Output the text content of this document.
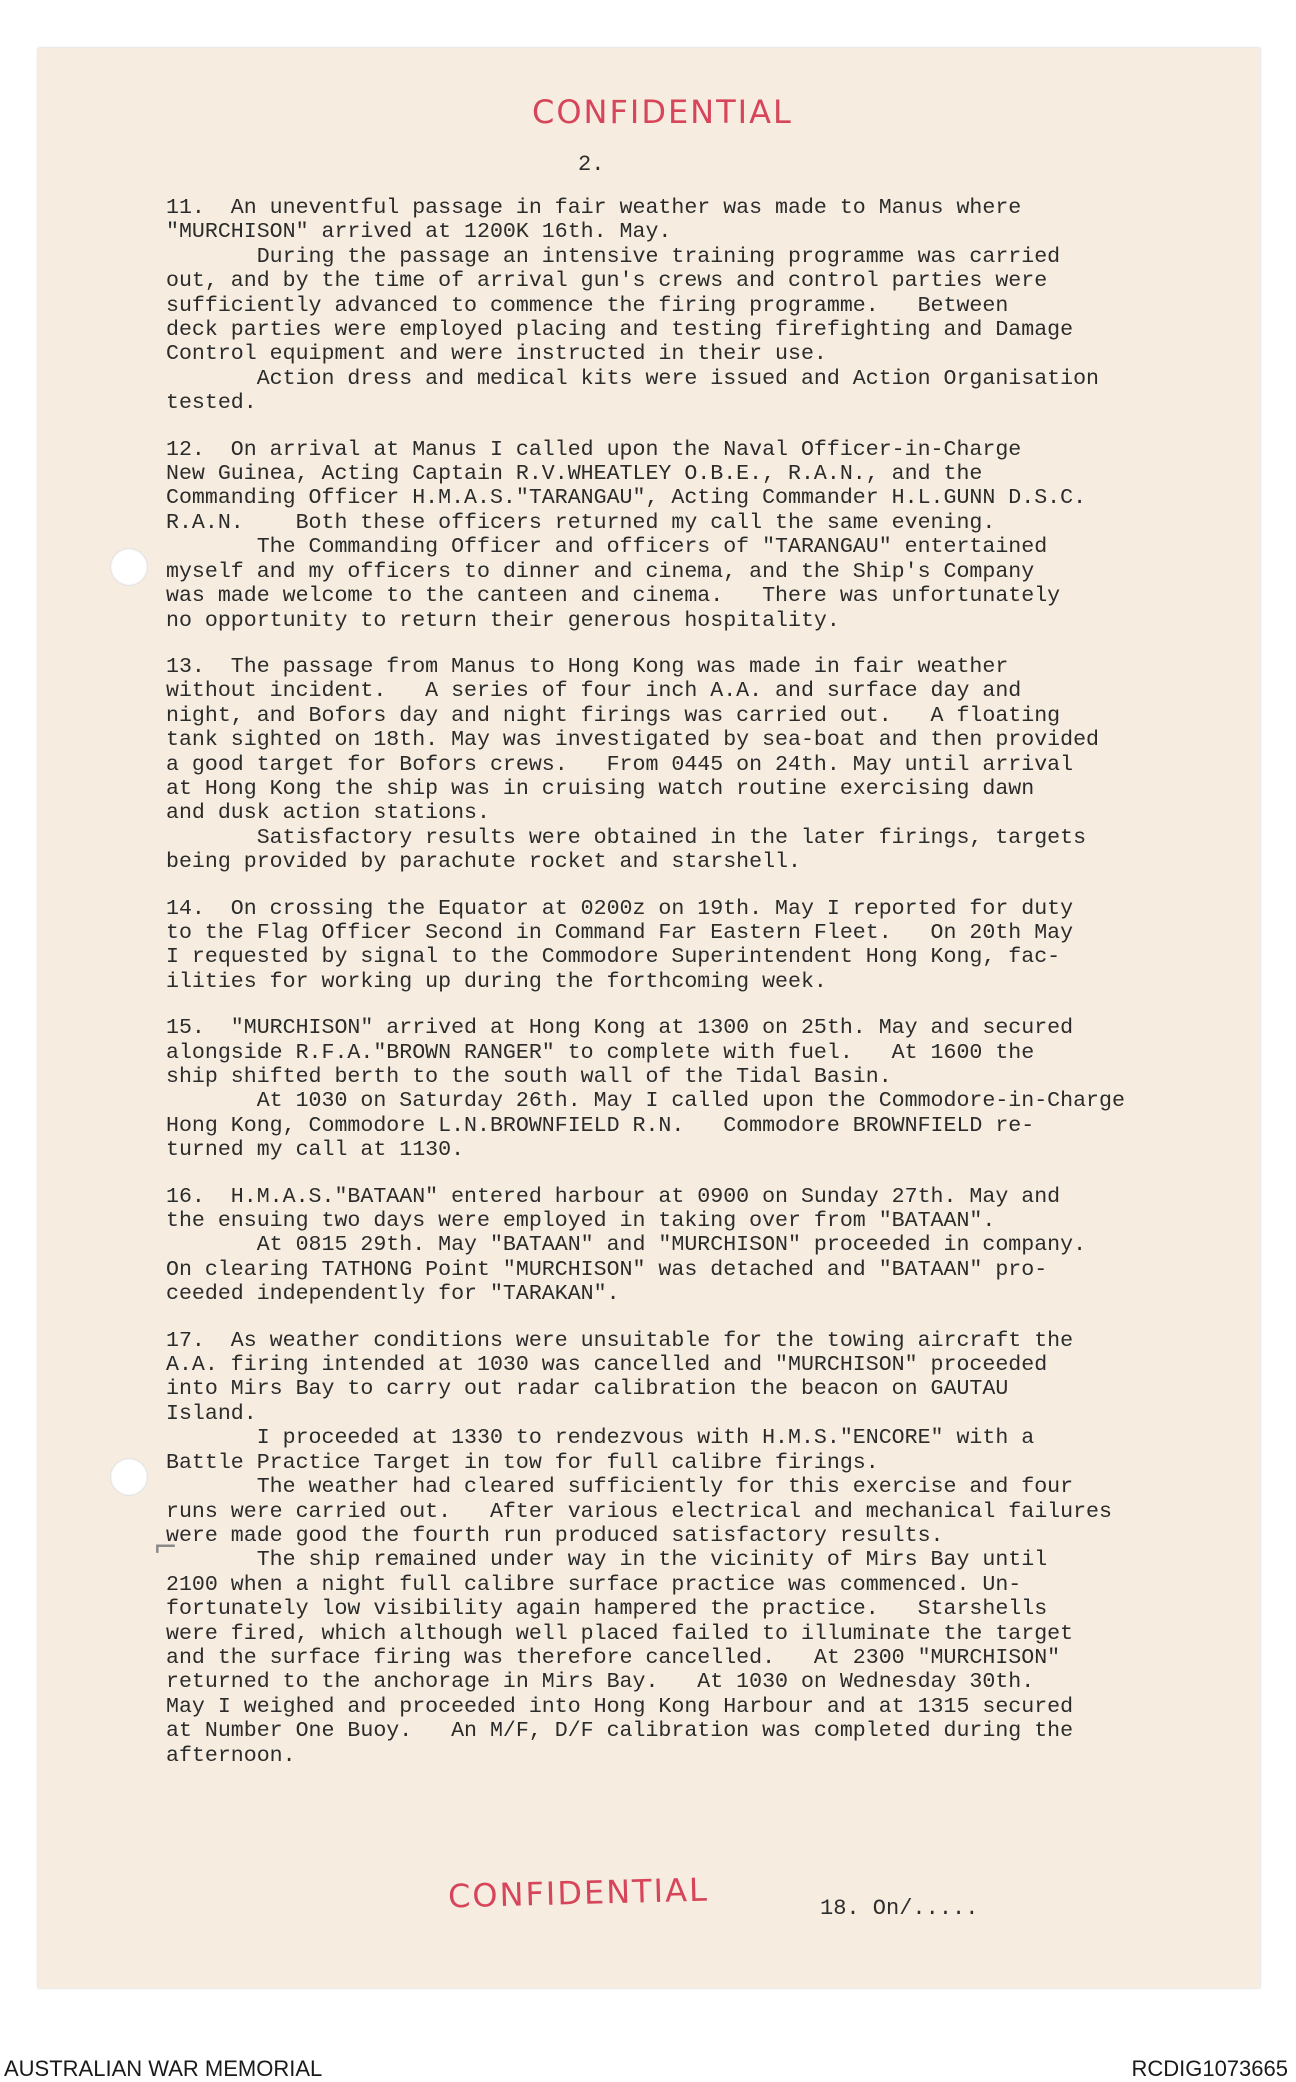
CONFIDENTIAL
2.
11.  An uneventful passage in fair weather was made to Manus where
"MURCHISON" arrived at 1200K 16th. May.
During the passage an intensive training programme was carried
out, and by the time of arrival gun's crews and control parties were
sufficiently advanced to commence the firing programme.   Between
deck parties were employed placing and testing firefighting and Damage
Control equipment and were instructed in their use.
Action dress and medical kits were issued and Action Organisation
tested.
12.  On arrival at Manus I called upon the Naval Officer-in-Charge
New Guinea, Acting Captain R.V.WHEATLEY O.B.E., R.A.N., and the
Commanding Officer H.M.A.S."TARANGAU", Acting Commander H.L.GUNN D.S.C.
R.A.N.    Both these officers returned my call the same evening.
The Commanding Officer and officers of "TARANGAU" entertained
myself and my officers to dinner and cinema, and the Ship's Company
was made welcome to the canteen and cinema.   There was unfortunately
no opportunity to return their generous hospitality.
13.  The passage from Manus to Hong Kong was made in fair weather
without incident.   A series of four inch A.A. and surface day and
night, and Bofors day and night firings was carried out.   A floating
tank sighted on 18th. May was investigated by sea-boat and then provided
a good target for Bofors crews.   From 0445 on 24th. May until arrival
at Hong Kong the ship was in cruising watch routine exercising dawn
and dusk action stations.
Satisfactory results were obtained in the later firings, targets
being provided by parachute rocket and starshell.
14.  On crossing the Equator at 0200z on 19th. May I reported for duty
to the Flag Officer Second in Command Far Eastern Fleet.   On 20th May
I requested by signal to the Commodore Superintendent Hong Kong, fac-
ilities for working up during the forthcoming week.
15.  "MURCHISON" arrived at Hong Kong at 1300 on 25th. May and secured
alongside R.F.A."BROWN RANGER" to complete with fuel.   At 1600 the
ship shifted berth to the south wall of the Tidal Basin.
At 1030 on Saturday 26th. May I called upon the Commodore-in-Charge
Hong Kong, Commodore L.N.BROWNFIELD R.N.   Commodore BROWNFIELD re-
turned my call at 1130.
16.  H.M.A.S."BATAAN" entered harbour at 0900 on Sunday 27th. May and
the ensuing two days were employed in taking over from "BATAAN".
At 0815 29th. May "BATAAN" and "MURCHISON" proceeded in company.
On clearing TATHONG Point "MURCHISON" was detached and "BATAAN" pro-
ceeded independently for "TARAKAN".
17.  As weather conditions were unsuitable for the towing aircraft the
A.A. firing intended at 1030 was cancelled and "MURCHISON" proceeded
into Mirs Bay to carry out radar calibration the beacon on GAUTAU
Island.
I proceeded at 1330 to rendezvous with H.M.S."ENCORE" with a
Battle Practice Target in tow for full calibre firings.
The weather had cleared sufficiently for this exercise and four
runs were carried out.   After various electrical and mechanical failures
were made good the fourth run produced satisfactory results.
The ship remained under way in the vicinity of Mirs Bay until
2100 when a night full calibre surface practice was commenced. Un-
fortunately low visibility again hampered the practice.   Starshells
were fired, which although well placed failed to illuminate the target
and the surface firing was therefore cancelled.   At 2300 "MURCHISON"
returned to the anchorage in Mirs Bay.   At 1030 on Wednesday 30th.
May I weighed and proceeded into Hong Kong Harbour and at 1315 secured
at Number One Buoy.   An M/F, D/F calibration was completed during the
afternoon.
CONFIDENTIAL	18. On/.....
⌐
AUSTRALIAN WAR MEMORIAL	RCDIG1073665
